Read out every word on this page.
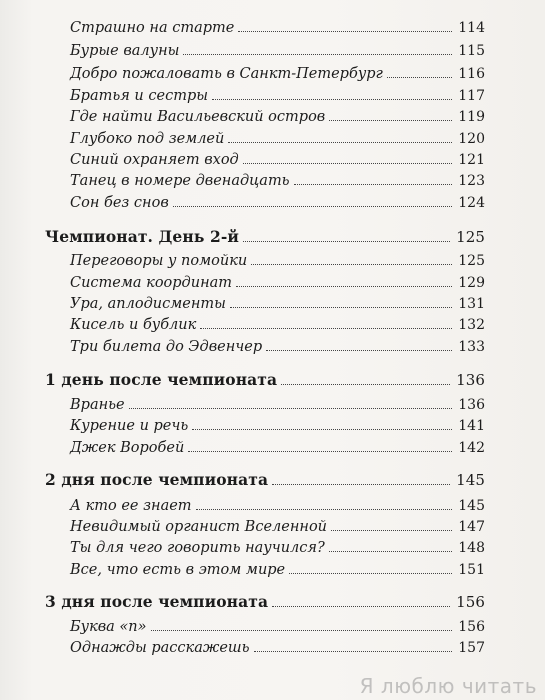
Страшно на старте	114
Бурые валуны	115
Добро пожаловать в Санкт-Петербург	116
Братья и сестры	117
Где найти Васильевский остров	119
Глубоко под землей	120
Синий охраняет вход	121
Танец в номере двенадцать	123
Сон без снов	124
Чемпионат. День 2-й	125
Переговоры у помойки	125
Система координат	129
Ура, аплодисменты	131
Кисель и бублик	132
Три билета до Эдвенчер	133
1 день после чемпионата	136
Вранье	136
Курение и речь	141
Джек Воробей	142
2 дня после чемпионата	145
А кто ее знает	145
Невидимый органист Вселенной	147
Ты для чего говорить научился?	148
Все, что есть в этом мире	151
3 дня после чемпионата	156
Буква «п»	156
Однажды расскажешь	157
Я люблю читать
